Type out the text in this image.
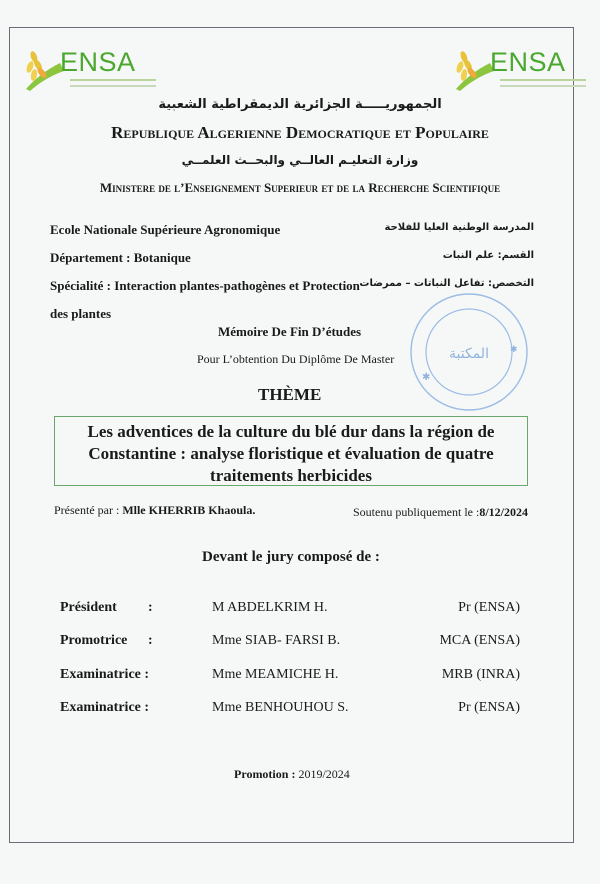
ENSA	ENSA
الجمهوريـــــة الجزائرية الديمقراطية الشعبية
Republique Algerienne Democratique et Populaire
وزارة التعليـم العالــي والبحــث العلمــي
Ministere de l’Enseignement Superieur et de la Recherche Scientifique
Ecole Nationale Supérieure Agronomique	المدرسة الوطنية العليا للفلاحة
Département : Botanique	القسم: علم النبات
Spécialité : Interaction plantes-pathogènes et Protection التخصص: تفاعل النباتات – ممرضات
des plantes
المكتبة
✱
✱
Mémoire De Fin D’études
Pour L’obtention Du Diplôme De Master
THÈME
Les adventices de la culture du blé dur dans la région de
Constantine : analyse floristique et évaluation de quatre
traitements herbicides
Présenté par : Mlle KHERRIB Khaoula.	Soutenu publiquement le :8/12/2024
Devant le jury composé de :
Président :	M ABDELKRIM H.	Pr (ENSA)
Promotrice :	Mme SIAB- FARSI B.	MCA (ENSA)
Examinatrice :	Mme MEAMICHE H.	MRB (INRA)
Examinatrice :	Mme BENHOUHOU S.	Pr (ENSA)
Promotion : 2019/2024
